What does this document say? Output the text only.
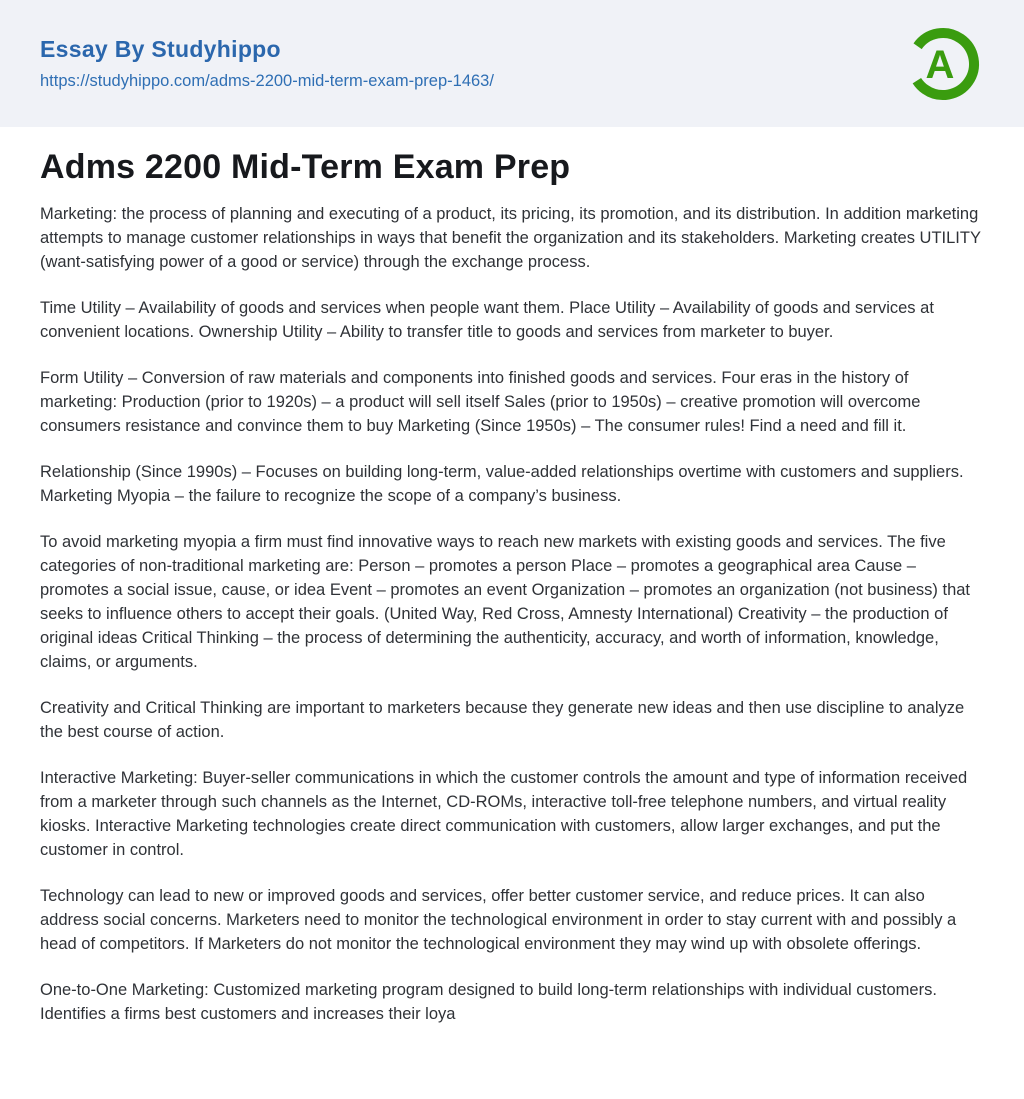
Essay By Studyhippo
https://studyhippo.com/adms-2200-mid-term-exam-prep-1463/	A
Adms 2200 Mid-Term Exam Prep

Marketing: the process of planning and executing of a product, its pricing, its promotion, and its distribution. In addition marketing attempts to manage customer relationships in ways that benefit the organization and its stakeholders. Marketing creates UTILITY (want-satisfying power of a good or service) through the exchange process.

Time Utility – Availability of goods and services when people want them. Place Utility – Availability of goods and services at convenient locations. Ownership Utility – Ability to transfer title to goods and services from marketer to buyer.

Form Utility – Conversion of raw materials and components into finished goods and services. Four eras in the history of marketing: Production (prior to 1920s) – a product will sell itself Sales (prior to 1950s) – creative promotion will overcome consumers resistance and convince them to buy Marketing (Since 1950s) – The consumer rules! Find a need and fill it.

Relationship (Since 1990s) – Focuses on building long-term, value-added relationships overtime with customers and suppliers. Marketing Myopia – the failure to recognize the scope of a company’s business.

To avoid marketing myopia a firm must find innovative ways to reach new markets with existing goods and services. The five categories of non-traditional marketing are: Person – promotes a person Place – promotes a geographical area Cause – promotes a social issue, cause, or idea Event – promotes an event Organization – promotes an organization (not business) that seeks to influence others to accept their goals. (United Way, Red Cross, Amnesty International) Creativity – the production of original ideas Critical Thinking – the process of determining the authenticity, accuracy, and worth of information, knowledge, claims, or arguments.

Creativity and Critical Thinking are important to marketers because they generate new ideas and then use discipline to analyze the best course of action.

Interactive Marketing: Buyer-seller communications in which the customer controls the amount and type of information received from a marketer through such channels as the Internet, CD-ROMs, interactive toll-free telephone numbers, and virtual reality kiosks. Interactive Marketing technologies create direct communication with customers, allow larger exchanges, and put the customer in control.

Technology can lead to new or improved goods and services, offer better customer service, and reduce prices. It can also address social concerns. Marketers need to monitor the technological environment in order to stay current with and possibly a head of competitors. If Marketers do not monitor the technological environment they may wind up with obsolete offerings.

One-to-One Marketing: Customized marketing program designed to build long-term relationships with individual customers. Identifies a firms best customers and increases their loya
